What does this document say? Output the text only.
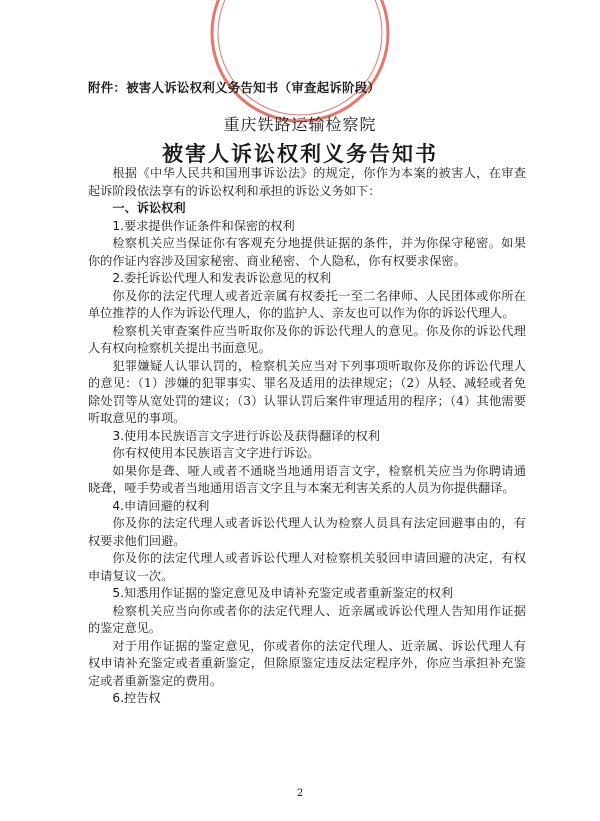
附件：被害人诉讼权利义务告知书（审查起诉阶段）
重庆铁路运输检察院
被害人诉讼权利义务告知书

根据《中华人民共和国刑事诉讼法》的规定，你作为本案的被害人，在审查起诉阶段依法享有的诉讼权利和承担的诉讼义务如下：

一、诉讼权利

1.要求提供作证条件和保密的权利

检察机关应当保证你有客观充分地提供证据的条件，并为你保守秘密。如果你的作证内容涉及国家秘密、商业秘密、个人隐私，你有权要求保密。

2.委托诉讼代理人和发表诉讼意见的权利

你及你的法定代理人或者近亲属有权委托一至二名律师、人民团体或你所在单位推荐的人作为诉讼代理人，你的监护人、亲友也可以作为你的诉讼代理人。

检察机关审查案件应当听取你及你的诉讼代理人的意见。你及你的诉讼代理人有权向检察机关提出书面意见。

犯罪嫌疑人认罪认罚的，检察机关应当对下列事项听取你及你的诉讼代理人的意见：（1）涉嫌的犯罪事实、罪名及适用的法律规定；（2）从轻、减轻或者免除处罚等从宽处罚的建议；（3）认罪认罚后案件审理适用的程序；（4）其他需要听取意见的事项。

3.使用本民族语言文字进行诉讼及获得翻译的权利

你有权使用本民族语言文字进行诉讼。

如果你是聋、哑人或者不通晓当地通用语言文字，检察机关应当为你聘请通晓聋，哑手势或者当地通用语言文字且与本案无利害关系的人员为你提供翻译。

4.申请回避的权利

你及你的法定代理人或者诉讼代理人认为检察人员具有法定回避事由的，有权要求他们回避。

你及你的法定代理人或者诉讼代理人对检察机关驳回申请回避的决定，有权申请复议一次。

5.知悉用作证据的鉴定意见及申请补充鉴定或者重新鉴定的权利

检察机关应当向你或者你的法定代理人、近亲属或诉讼代理人告知用作证据的鉴定意见。

对于用作证据的鉴定意见，你或者你的法定代理人、近亲属、诉讼代理人有权申请补充鉴定或者重新鉴定，但除原鉴定违反法定程序外，你应当承担补充鉴定或者重新鉴定的费用。

6.控告权

2
